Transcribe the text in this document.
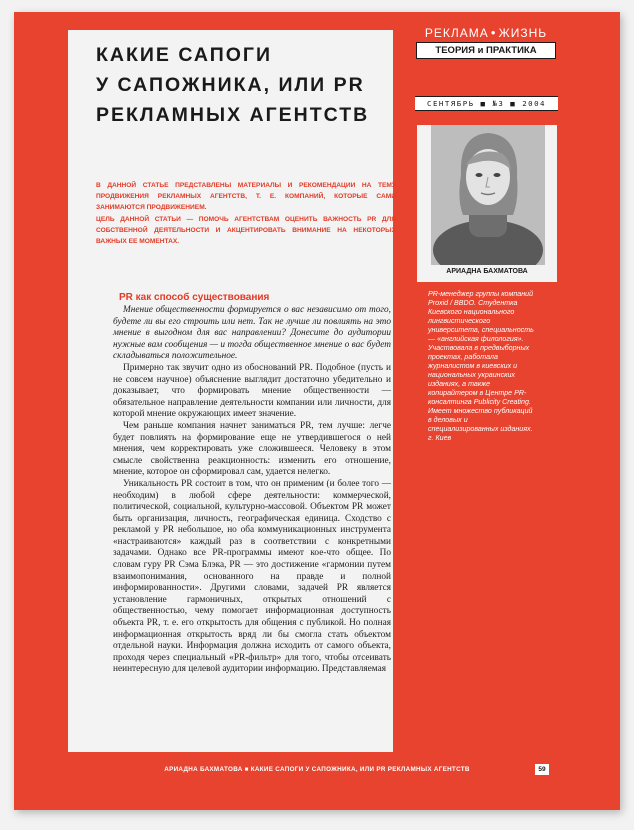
КАКИЕ САПОГИ
У САПОЖНИКА, ИЛИ PR
РЕКЛАМНЫХ АГЕНТСТВ

В ДАННОЙ СТАТЬЕ ПРЕДСТАВЛЕНЫ МАТЕРИАЛЫ И РЕКОМЕНДАЦИИ НА ТЕМУ ПРОДВИЖЕНИЯ РЕКЛАМНЫХ АГЕНТСТВ, Т. Е. КОМПАНИЙ, КОТОРЫЕ САМИ ЗАНИМАЮТСЯ ПРОДВИЖЕНИЕМ.

ЦЕЛЬ ДАННОЙ СТАТЬИ — ПОМОЧЬ АГЕНТСТВАМ ОЦЕНИТЬ ВАЖНОСТЬ PR ДЛЯ СОБСТВЕННОЙ ДЕЯТЕЛЬНОСТИ И АКЦЕНТИРОВАТЬ ВНИМАНИЕ НА НЕКОТОРЫХ ВАЖНЫХ ЕЕ МОМЕНТАХ.

PR как способ существования

Мнение общественности формируется о вас независимо от того, будете ли вы его строить или нет. Так не лучше ли повлиять на это мнение в выгодном для вас направлении? Донесите до аудитории нужные вам сообщения — и тогда общественное мнение о вас будет складываться положительное.

Примерно так звучит одно из обоснований PR. Подобное (пусть и не совсем научное) объяснение выглядит достаточно убедительно и доказывает, что формировать мнение общественности — обязательное направление деятельности компании или личности, для которой мнение окружающих имеет значение.

Чем раньше компания начнет заниматься PR, тем лучше: легче будет повлиять на формирование еще не утвердившегося о ней мнения, чем корректировать уже сложившееся. Человеку в этом смысле свойственна реакционность: изменить его отношение, мнение, которое он сформировал сам, удается нелегко.

Уникальность PR состоит в том, что он применим (и более того — необходим) в любой сфере деятельности: коммерческой, политической, социальной, культурно-массовой. Объектом PR может быть организация, личность, географическая единица. Сходство с рекламой у PR небольшое, но оба коммуникационных инструмента «настраиваются» каждый раз в соответствии с конкретными задачами. Однако все PR-программы имеют кое-что общее. По словам гуру PR Сэма Блэка, PR — это достижение «гармонии путем взаимопонимания, основанного на правде и полной информированности». Другими словами, задачей PR является установление гармоничных, открытых отношений с общественностью, чему помогает информационная доступность объекта PR, т. е. его открытость для общения с публикой. Но полная информационная открытость вряд ли бы смогла стать объектом отдельной науки. Информация должна исходить от самого объекта, проходя через специальный «PR-фильтр» для того, чтобы отсеивать неинтересную для целевой аудитории информацию. Представляемая

РЕКЛАМА ● ЖИЗНЬ
ТЕОРИЯ и ПРАКТИКА
СЕНТЯБРЬ ■ №3 ■ 2004
АРИАДНА БАХМАТОВА

PR-менеджер группы компаний Proxid / BBDO. Студентка Киевского национального лингвистического университета, специальность — «английская филология». Участвовала в предвыборных проектах, работала журналистом в киевских и национальных украинских изданиях, а также копирайтером в Центре PR-консалтинга Publicity Creating. Имеет множество публикаций в деловых и специализированных изданиях. г. Киев

АРИАДНА БАХМАТОВА ■ КАКИЕ САПОГИ У САПОЖНИКА, ИЛИ PR РЕКЛАМНЫХ АГЕНТСТВ	59
